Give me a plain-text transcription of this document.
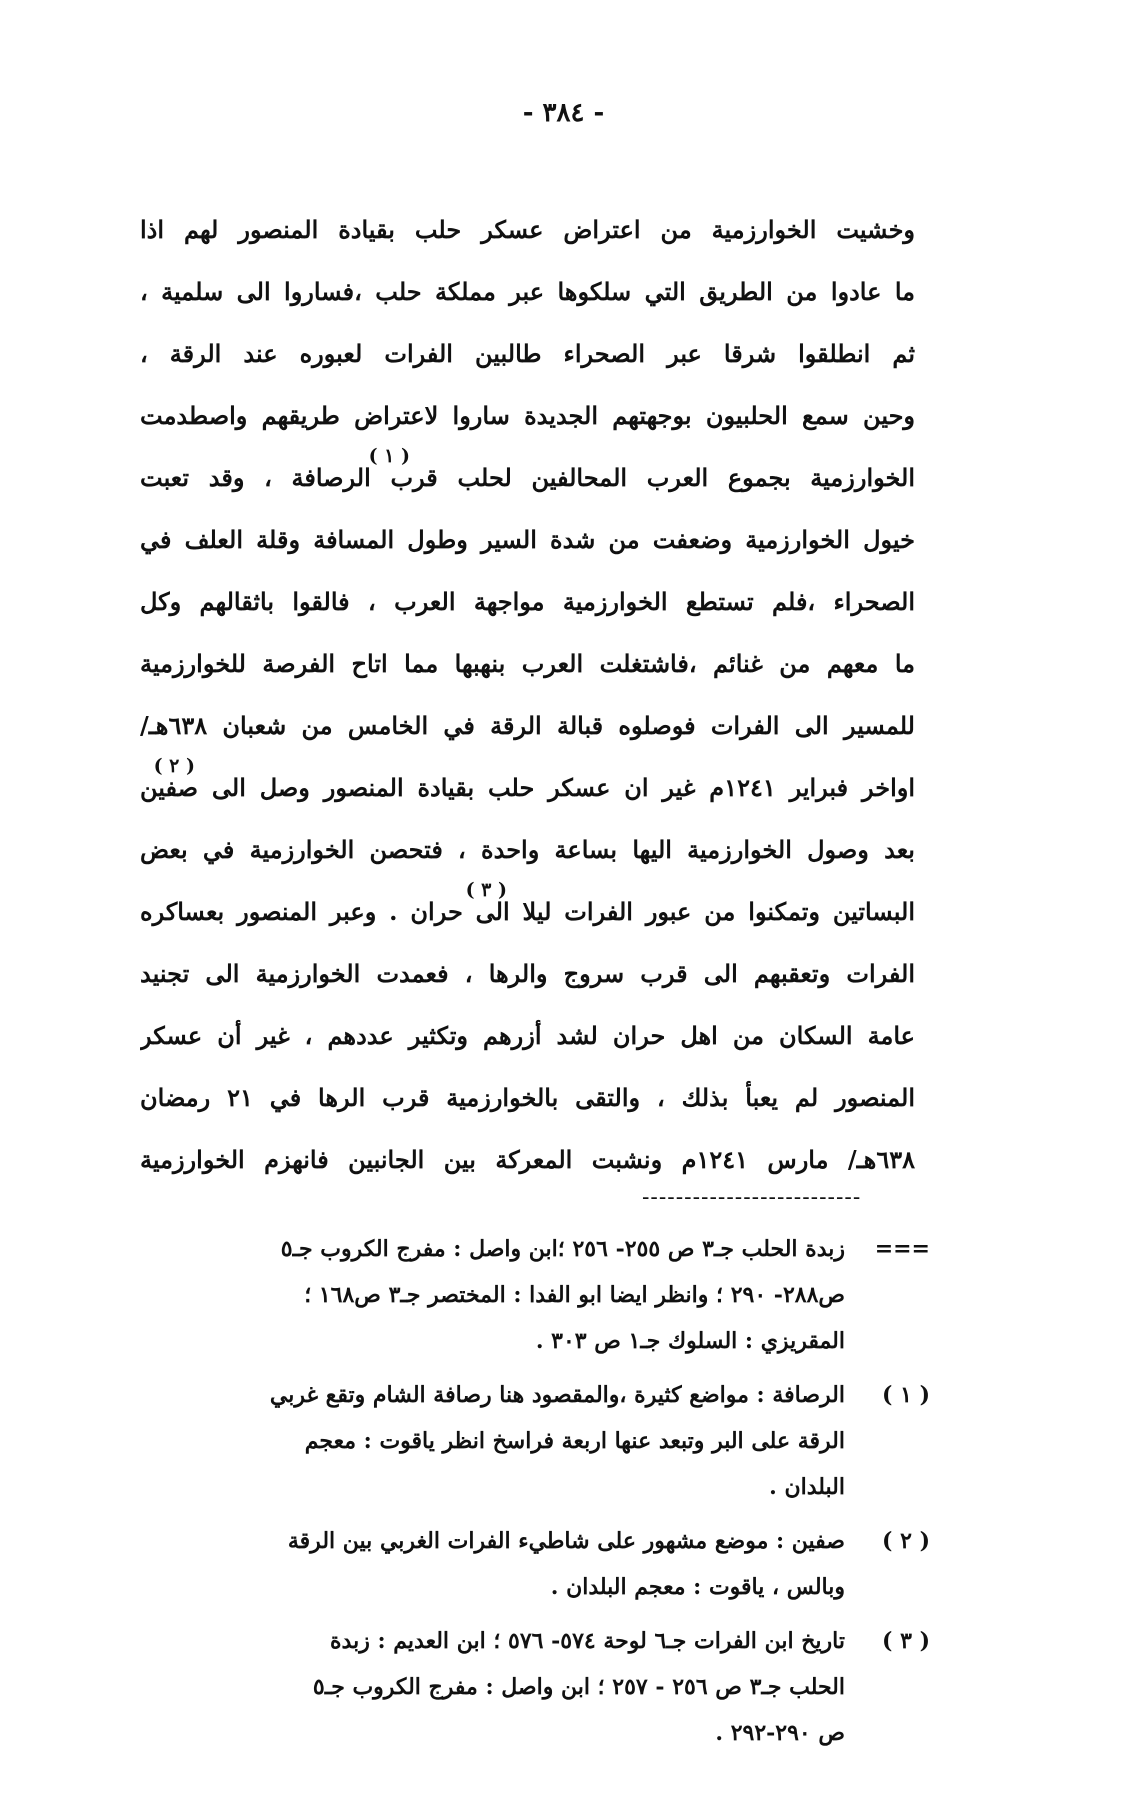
- ٣٨٤ -
وخشيت الخوارزمية من اعتراض عسكر حلب بقيادة المنصور لهم اذا
ما عادوا من الطريق التي سلكوها عبر مملكة حلب ،فساروا الى سلمية ،
ثم انطلقوا شرقا عبر الصحراء طالبين الفرات لعبوره عند الرقة ،
وحين سمع الحلبيون بوجهتهم الجديدة ساروا لاعتراض طريقهم واصطدمت
( ١ )
الخوارزمية بجموع العرب المحالفين لحلب قرب الرصافة ، وقد تعبت
خيول الخوارزمية وضعفت من شدة السير وطول المسافة وقلة العلف في
الصحراء ،فلم تستطع الخوارزمية مواجهة العرب ، فالقوا باثقالهم وكل
ما معهم من غنائم ،فاشتغلت العرب بنهبها مما اتاح الفرصة للخوارزمية
للمسير الى الفرات فوصلوه قبالة الرقة في الخامس من شعبان ٦٣٨هـ/
( ٢ )
اواخر فبراير ١٢٤١م غير ان عسكر حلب بقيادة المنصور وصل الى صفين
بعد وصول الخوارزمية اليها بساعة واحدة ، فتحصن الخوارزمية في بعض
( ٣ )
البساتين وتمكنوا من عبور الفرات ليلا الى حران . وعبر المنصور بعساكره
الفرات وتعقبهم الى قرب سروج والرها ، فعمدت الخوارزمية الى تجنيد
عامة السكان من اهل حران لشد أزرهم وتكثير عددهم ، غير أن عسكر
المنصور لم يعبأ بذلك ، والتقى بالخوارزمية قرب الرها في ٢١ رمضان
٦٣٨هـ/ مارس ١٢٤١م ونشبت المعركة بين الجانبين فانهزم الخوارزمية
--------------------------
===
زبدة الحلب جـ٣ ص ٢٥٥- ٢٥٦ ؛ابن واصل : مفرج الكروب جـ٥
ص٢٨٨- ٢٩٠ ؛ وانظر ايضا ابو الفدا : المختصر جـ٣ ص١٦٨ ؛
المقريزي : السلوك جـ١ ص ٣٠٣ .
( ١ )
الرصافة : مواضع كثيرة ،والمقصود هنا رصافة الشام وتقع غربي
الرقة على البر وتبعد عنها اربعة فراسخ انظر ياقوت : معجم
البلدان .
( ٢ )
صفين : موضع مشهور على شاطيء الفرات الغربي بين الرقة
وبالس ، ياقوت : معجم البلدان .
( ٣ )
تاريخ ابن الفرات جـ٦ لوحة ٥٧٤- ٥٧٦ ؛ ابن العديم : زبدة
الحلب جـ٣ ص ٢٥٦ - ٢٥٧ ؛ ابن واصل : مفرج الكروب جـ٥
ص ٢٩٠-٢٩٢ .
